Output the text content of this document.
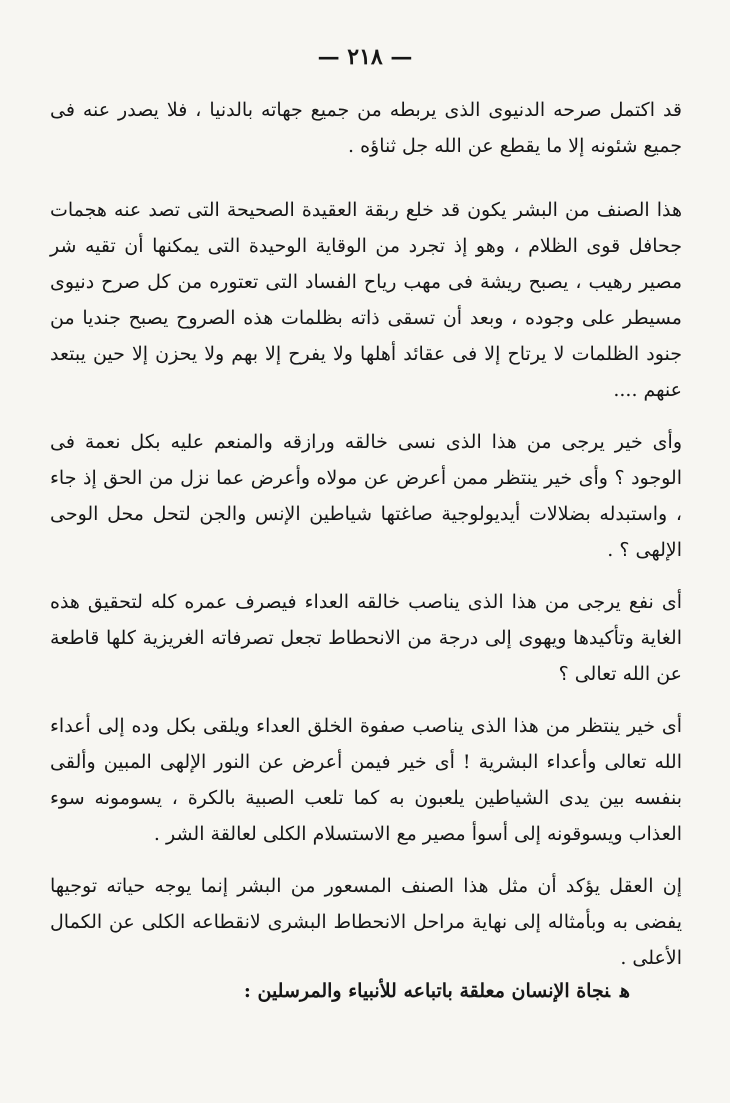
— ٢١٨ —

قد اكتمل صرحه الدنيوى الذى يربطه من جميع جهاته بالدنيا ، فلا يصدر عنه فى جميع شئونه إلا ما يقطع عن الله جل ثناؤه .

هذا الصنف من البشر يكون قد خلع ربقة العقيدة الصحيحة التى تصد عنه هجمات جحافل قوى الظلام ، وهو إذ تجرد من الوقاية الوحيدة التى يمكنها أن تقيه شر مصير رهيب ، يصبح ريشة فى مهب رياح الفساد التى تعتوره من كل صرح دنيوى مسيطر على وجوده ، وبعد أن تسقى ذاته بظلمات هذه الصروح يصبح جنديا من جنود الظلمات لا يرتاح إلا فى عقائد أهلها ولا يفرح إلا بهم ولا يحزن إلا حين يبتعد عنهم ....

وأى خير يرجى من هذا الذى نسى خالقه ورازقه والمنعم عليه بكل نعمة فى الوجود ؟ وأى خير ينتظر ممن أعرض عن مولاه وأعرض عما نزل من الحق إذ جاء ، واستبدله بضلالات أيديولوجية صاغتها شياطين الإنس والجن لتحل محل الوحى الإلهى ؟ .

أى نفع يرجى من هذا الذى يناصب خالقه العداء فيصرف عمره كله لتحقيق هذه الغاية وتأكيدها ويهوى إلى درجة من الانحطاط تجعل تصرفاته الغريزية كلها قاطعة عن الله تعالى ؟

أى خير ينتظر من هذا الذى يناصب صفوة الخلق العداء ويلقى بكل وده إلى أعداء الله تعالى وأعداء البشرية ! أى خير فيمن أعرض عن النور الإلهى المبين وألقى بنفسه بين يدى الشياطين يلعبون به كما تلعب الصبية بالكرة ، يسومونه سوء العذاب ويسوقونه إلى أسوأ مصير مع الاستسلام الكلى لعالقة الشر .

إن العقل يؤكد أن مثل هذا الصنف المسعور من البشر إنما يوجه حياته توجيها يفضى به وبأمثاله إلى نهاية مراحل الانحطاط البشرى لانقطاعه الكلى عن الكمال الأعلى .

هنجاة الإنسان معلقة باتباعه للأنبياء والمرسلين :
